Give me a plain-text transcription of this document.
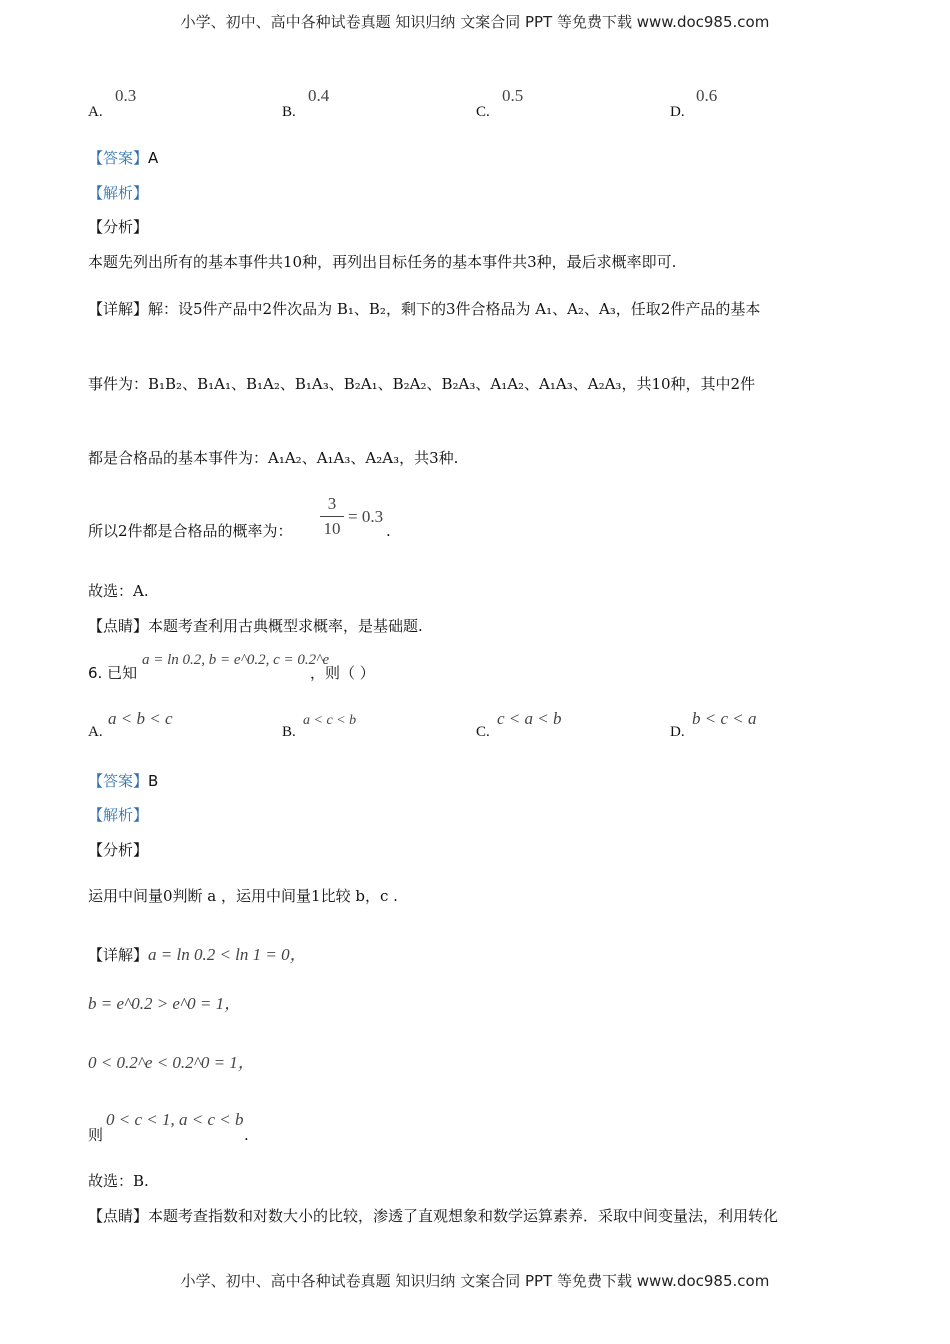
小学、初中、高中各种试卷真题 知识归纳 文案合同 PPT 等免费下载 www.doc985.com
A.
0.3
B.
0.4
C.
0.5
D.
0.6
【答案】A
【解析】
【分析】
本题先列出所有的基本事件共10种，再列出目标任务的基本事件共3种，最后求概率即可.
【详解】解：设5件产品中2件次品为 B₁、B₂，剩下的3件合格品为 A₁、A₂、A₃，任取2件产品的基本
事件为：B₁B₂、B₁A₁、B₁A₂、B₁A₃、B₂A₁、B₂A₂、B₂A₃、A₁A₂、A₁A₃、A₂A₃，共10种，其中2件
都是合格品的基本事件为：A₁A₂、A₁A₃、A₂A₃，共3种.
所以2件都是合格品的概率为：
3
10
= 0.3
.
故选：A.
【点睛】本题考查利用古典概型求概率，是基础题.
6. 已知
a = ln 0.2, b = e^0.2, c = 0.2^e
，则（ ）
A.
a < b < c
B.
a < c < b
C.
c < a < b
D.
b < c < a
【答案】B
【解析】
【分析】
运用中间量0判断 a ，运用中间量1比较 b，c .
【详解】a = ln 0.2 < ln 1 = 0，
b = e^0.2 > e^0 = 1，
0 < 0.2^e < 0.2^0 = 1，
则
0 < c < 1, a < c < b
.
故选：B.
【点睛】本题考查指数和对数大小的比较，渗透了直观想象和数学运算素养．采取中间变量法，利用转化
小学、初中、高中各种试卷真题 知识归纳 文案合同 PPT 等免费下载 www.doc985.com
